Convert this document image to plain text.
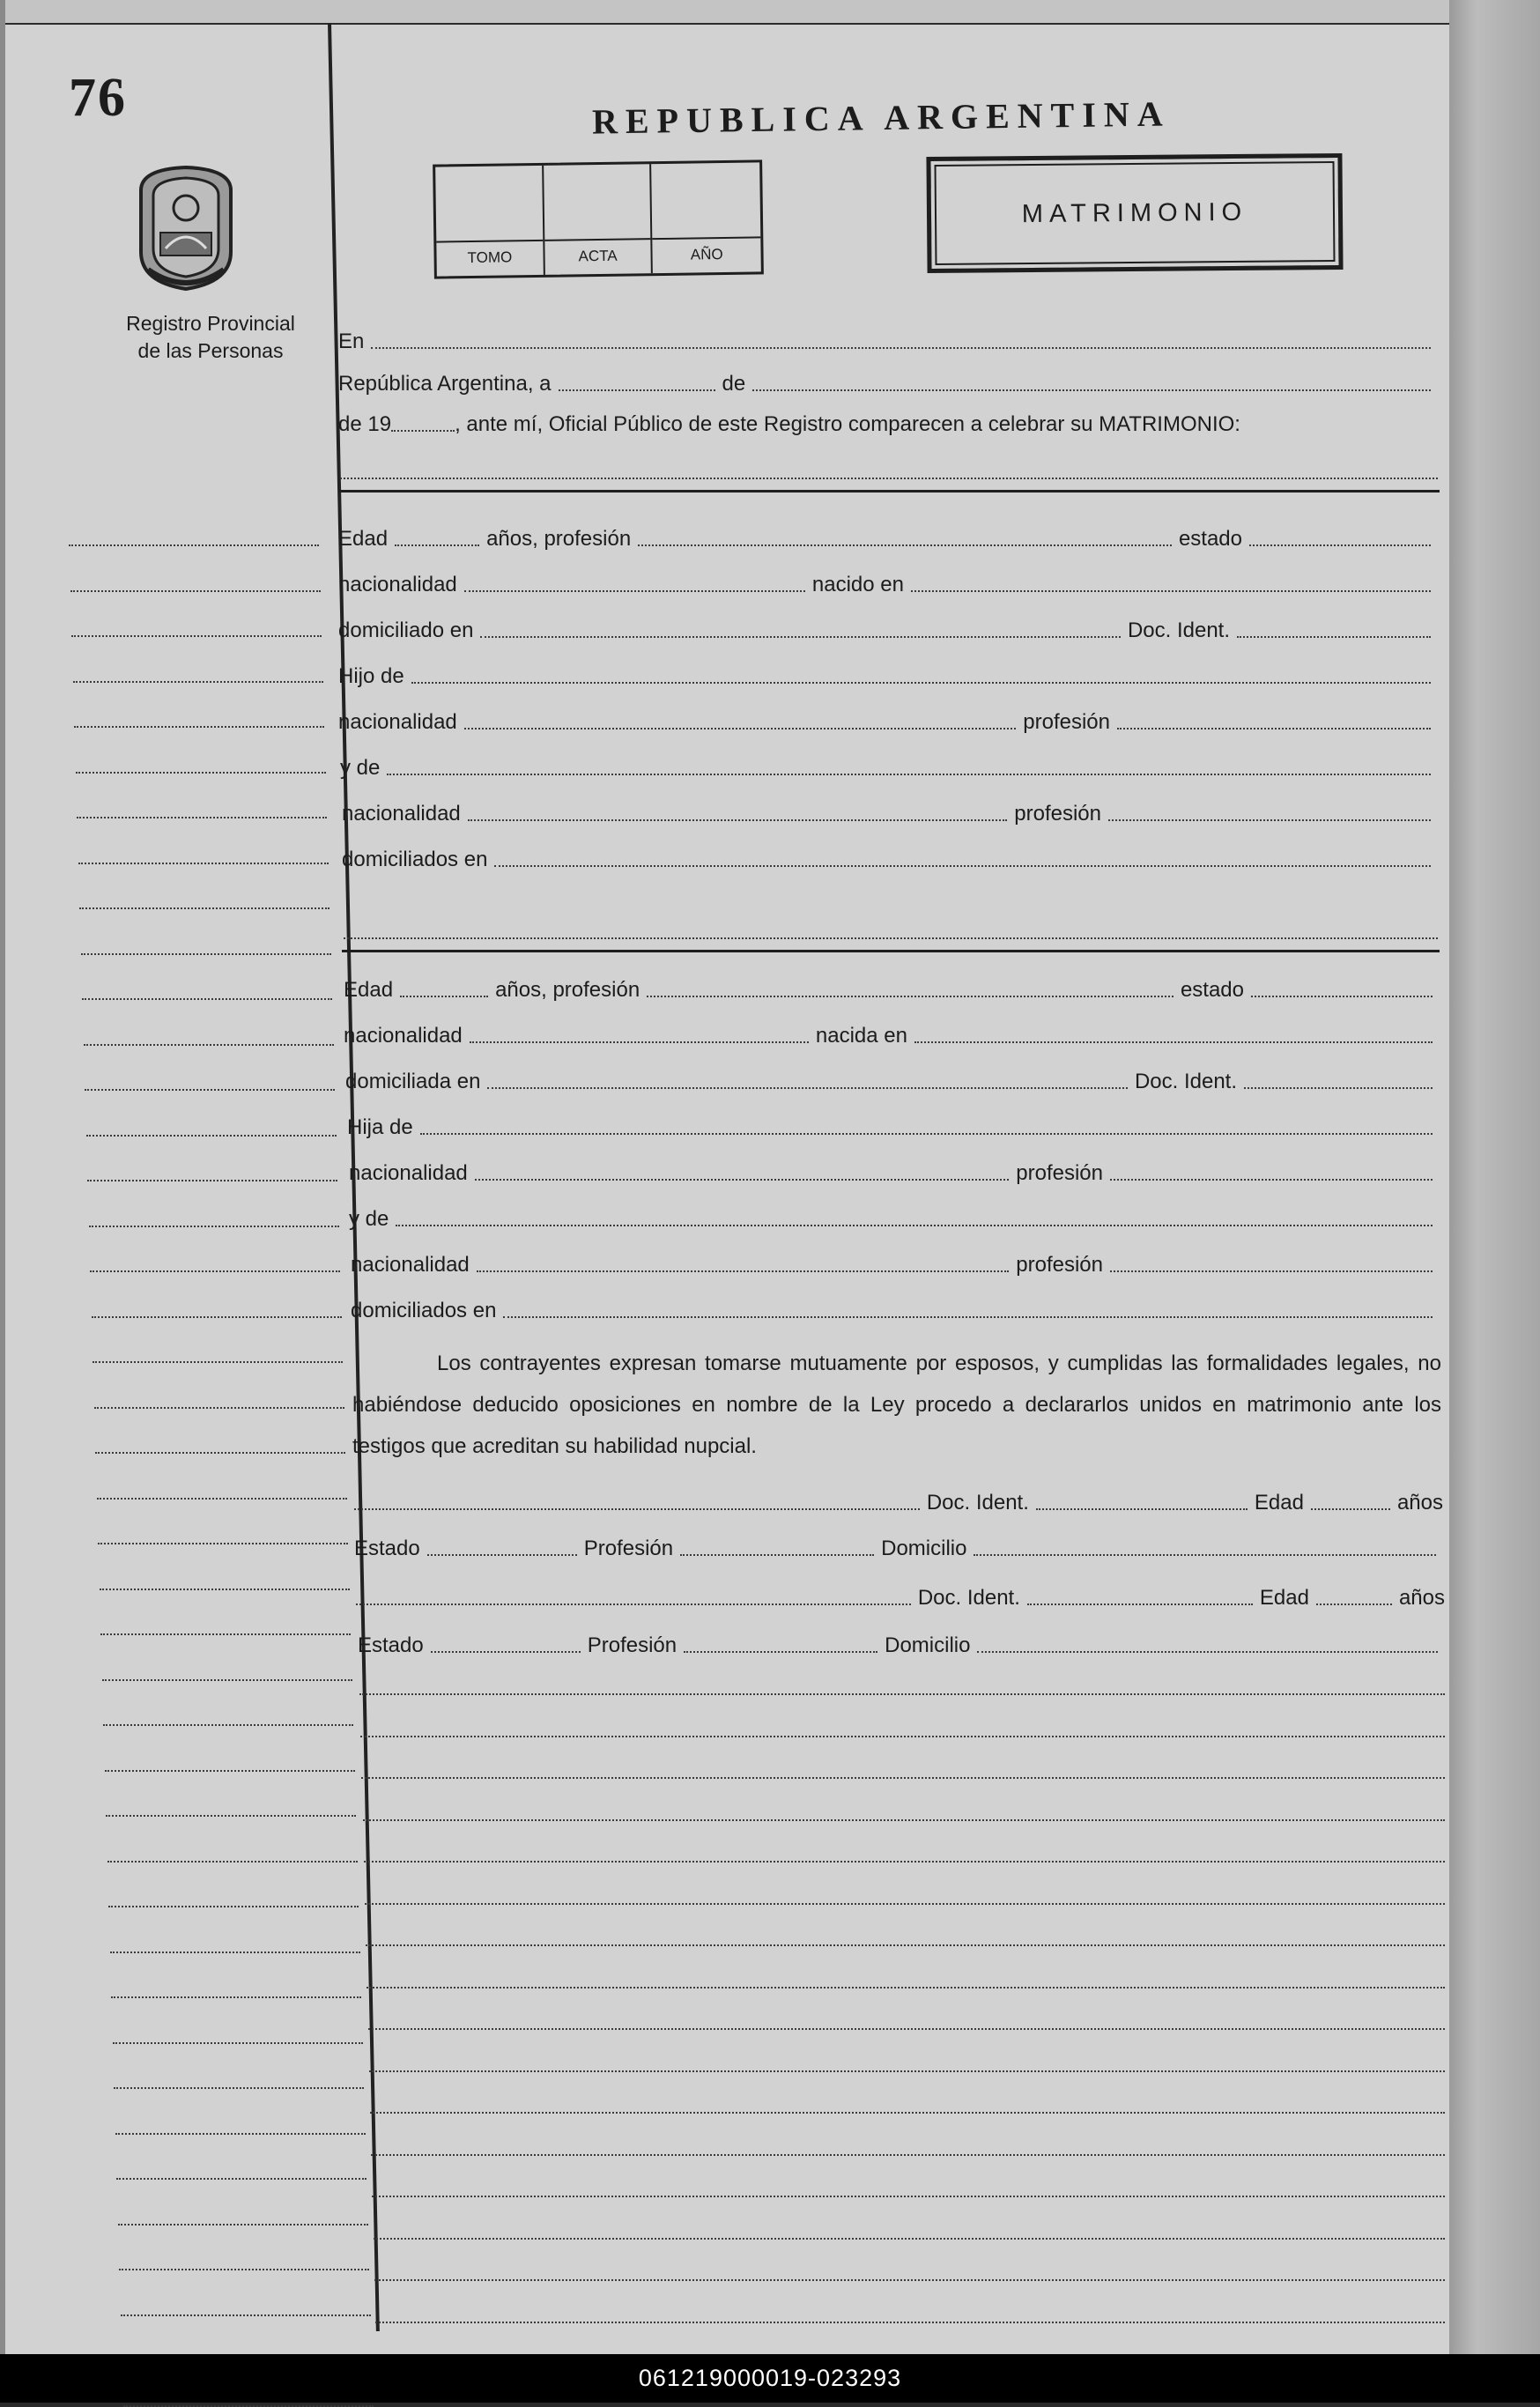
76
Registro Provincial
de las Personas
REPUBLICA ARGENTINA
TOMO	ACTA	AÑO
MATRIMONIO
En
República Argentina, a	de
de 19	, ante mí, Oficial Público de este Registro comparecen a celebrar su MATRIMONIO:
Edad	años, profesión	estado
nacionalidad	nacido en
domiciliado en	Doc. Ident.
Hijo de
nacionalidad	profesión
y de
nacionalidad	profesión
domiciliados en
Edad	años, profesión	estado
nacionalidad	nacida en
domiciliada en	Doc. Ident.
Hija de
nacionalidad	profesión
y de
nacionalidad	profesión
domiciliados en
Los contrayentes expresan tomarse mutuamente por esposos, y cumplidas las formalidades legales, no habiéndose deducido oposiciones en nombre de la Ley procedo a declararlos unidos en matrimonio ante los testigos que acreditan su habilidad nupcial.
Doc. Ident.	Edad	años
Estado	Profesión	Domicilio
Doc. Ident.	Edad	años
Estado	Profesión	Domicilio
061219000019-023293
